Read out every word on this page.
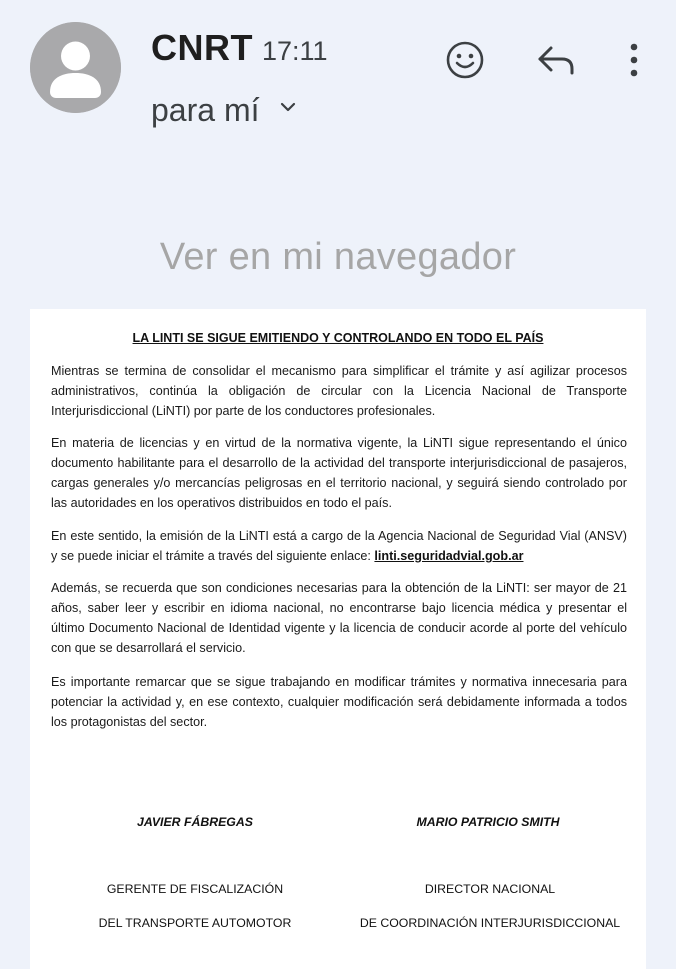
CNRT 17:11
para mí
Ver en mi navegador
LA LINTI SE SIGUE EMITIENDO Y CONTROLANDO EN TODO EL PAÍS
Mientras se termina de consolidar el mecanismo para simplificar el trámite y así agilizar procesos administrativos, continúa la obligación de circular con la Licencia Nacional de Transporte Interjurisdiccional (LiNTI) por parte de los conductores profesionales.
En materia de licencias y en virtud de la normativa vigente, la LiNTI sigue representando el único documento habilitante para el desarrollo de la actividad del transporte interjurisdiccional de pasajeros, cargas generales y/o mercancías peligrosas en el territorio nacional, y seguirá siendo controlado por las autoridades en los operativos distribuidos en todo el país.
En este sentido, la emisión de la LiNTI está a cargo de la Agencia Nacional de Seguridad Vial (ANSV) y se puede iniciar el trámite a través del siguiente enlace: linti.seguridadvial.gob.ar
Además, se recuerda que son condiciones necesarias para la obtención de la LiNTI: ser mayor de 21 años, saber leer y escribir en idioma nacional, no encontrarse bajo licencia médica y presentar el último Documento Nacional de Identidad vigente y la licencia de conducir acorde al porte del vehículo con que se desarrollará el servicio.
Es importante remarcar que se sigue trabajando en modificar trámites y normativa innecesaria para potenciar la actividad y, en ese contexto, cualquier modificación será debidamente informada a todos los protagonistas del sector.
JAVIER FÁBREGAS	MARIO PATRICIO SMITH
GERENTE DE FISCALIZACIÓN	DIRECTOR NACIONAL
DEL TRANSPORTE AUTOMOTOR	DE COORDINACIÓN INTERJURISDICCIONAL
